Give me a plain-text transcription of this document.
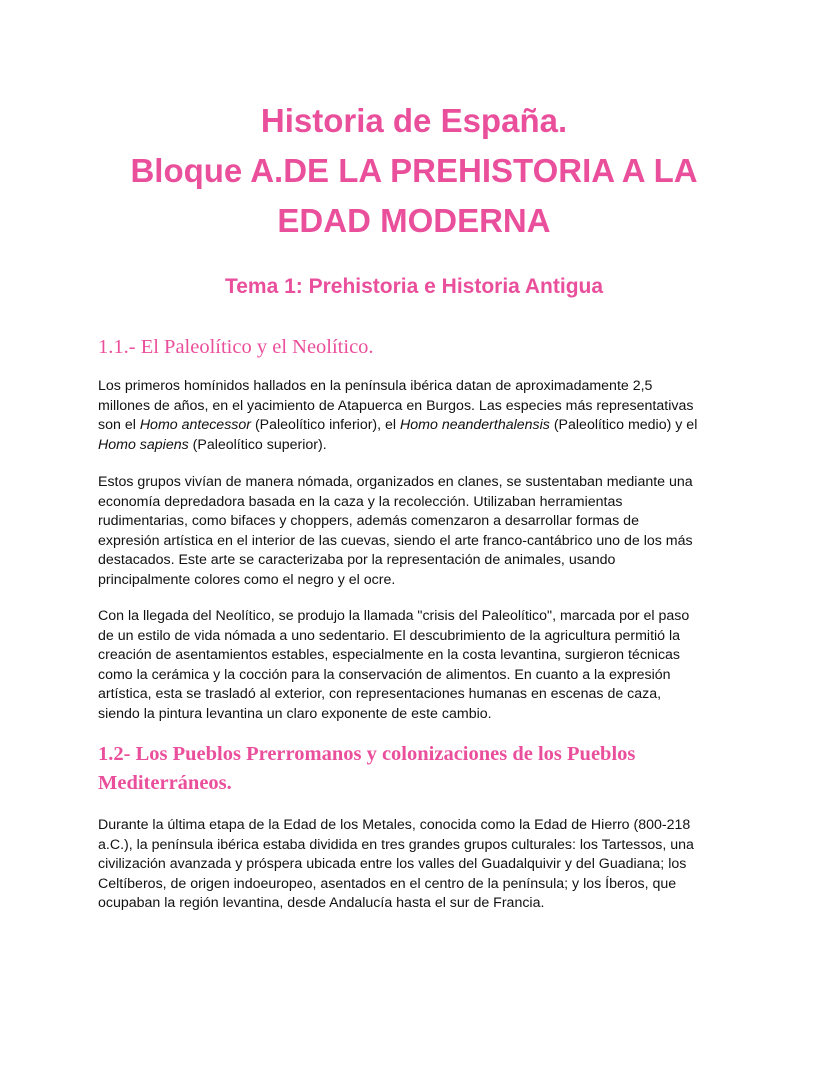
Historia de España.
Bloque A.DE LA PREHISTORIA A LA
EDAD MODERNA
Tema 1: Prehistoria e Historia Antigua
1.1.- El Paleolítico y el Neolítico.

Los primeros homínidos hallados en la península ibérica datan de aproximadamente 2,5
millones de años, en el yacimiento de Atapuerca en Burgos. Las especies más representativas
son el Homo antecessor (Paleolítico inferior), el Homo neanderthalensis (Paleolítico medio) y el
Homo sapiens (Paleolítico superior).

Estos grupos vivían de manera nómada, organizados en clanes, se sustentaban mediante una
economía depredadora basada en la caza y la recolección. Utilizaban herramientas
rudimentarias, como bifaces y choppers, además comenzaron a desarrollar formas de
expresión artística en el interior de las cuevas, siendo el arte franco-cantábrico uno de los más
destacados. Este arte se caracterizaba por la representación de animales, usando
principalmente colores como el negro y el ocre.

Con la llegada del Neolítico, se produjo la llamada "crisis del Paleolítico", marcada por el paso
de un estilo de vida nómada a uno sedentario. El descubrimiento de la agricultura permitió la
creación de asentamientos estables, especialmente en la costa levantina, surgieron técnicas
como la cerámica y la cocción para la conservación de alimentos. En cuanto a la expresión
artística, esta se trasladó al exterior, con representaciones humanas en escenas de caza,
siendo la pintura levantina un claro exponente de este cambio.

1.2- Los Pueblos Prerromanos y colonizaciones de los Pueblos
Mediterráneos.

Durante la última etapa de la Edad de los Metales, conocida como la Edad de Hierro (800-218
a.C.), la península ibérica estaba dividida en tres grandes grupos culturales: los Tartessos, una
civilización avanzada y próspera ubicada entre los valles del Guadalquivir y del Guadiana; los
Celtíberos, de origen indoeuropeo, asentados en el centro de la península; y los Íberos, que
ocupaban la región levantina, desde Andalucía hasta el sur de Francia.
